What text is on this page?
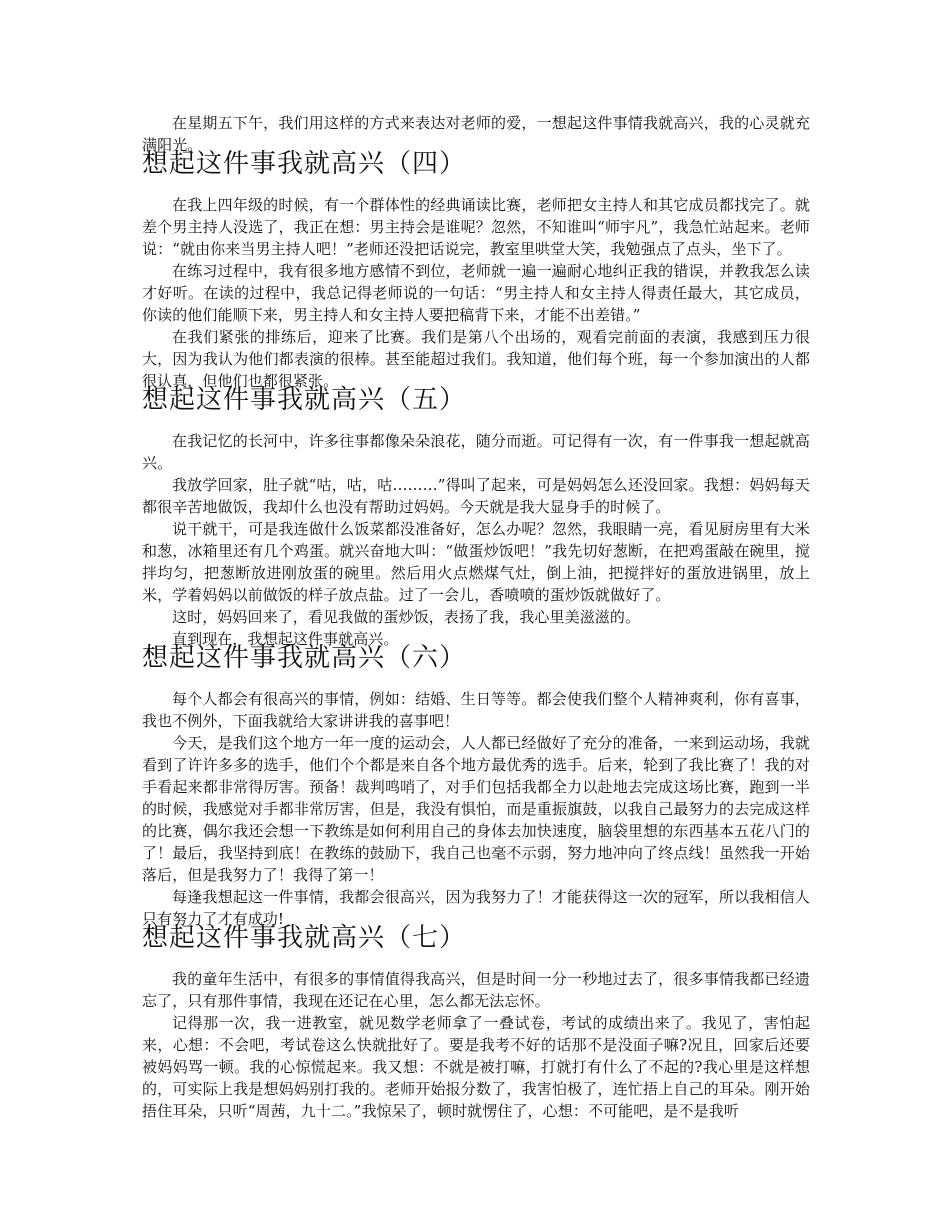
在星期五下午，我们用这样的方式来表达对老师的爱，一想起这件事情我就高兴，我的心灵就充满阳光。

想起这件事我就高兴（四）

在我上四年级的时候，有一个群体性的经典诵读比赛，老师把女主持人和其它成员都找完了。就差个男主持人没选了，我正在想：男主持会是谁呢？忽然，不知谁叫“师宇凡”，我急忙站起来。老师说：“就由你来当男主持人吧！”老师还没把话说完，教室里哄堂大笑，我勉强点了点头，坐下了。

在练习过程中，我有很多地方感情不到位，老师就一遍一遍耐心地纠正我的错误，并教我怎么读才好听。在读的过程中，我总记得老师说的一句话：“男主持人和女主持人得责任最大，其它成员，你读的他们能顺下来，男主持人和女主持人要把稿背下来，才能不出差错。”

在我们紧张的排练后，迎来了比赛。我们是第八个出场的，观看完前面的表演，我感到压力很大，因为我认为他们都表演的很棒。甚至能超过我们。我知道，他们每个班，每一个参加演出的人都很认真，但他们也都很紧张。

想起这件事我就高兴（五）

在我记忆的长河中，许多往事都像朵朵浪花，随分而逝。可记得有一次，有一件事我一想起就高兴。

我放学回家，肚子就“咕，咕，咕………”得叫了起来，可是妈妈怎么还没回家。我想：妈妈每天都很辛苦地做饭，我却什么也没有帮助过妈妈。今天就是我大显身手的时候了。

说干就干，可是我连做什么饭菜都没准备好，怎么办呢？忽然，我眼睛一亮，看见厨房里有大米和葱，冰箱里还有几个鸡蛋。就兴奋地大叫：“做蛋炒饭吧！”我先切好葱断，在把鸡蛋敲在碗里，搅拌均匀，把葱断放进刚放蛋的碗里。然后用火点燃煤气灶，倒上油，把搅拌好的蛋放进锅里，放上米，学着妈妈以前做饭的样子放点盐。过了一会儿，香喷喷的蛋炒饭就做好了。

这时，妈妈回来了，看见我做的蛋炒饭，表扬了我，我心里美滋滋的。

直到现在，我想起这件事就高兴。

想起这件事我就高兴（六）

每个人都会有很高兴的事情，例如：结婚、生日等等。都会使我们整个人精神爽利，你有喜事，我也不例外，下面我就给大家讲讲我的喜事吧！

今天，是我们这个地方一年一度的运动会，人人都已经做好了充分的准备，一来到运动场，我就看到了许许多多的选手，他们个个都是来自各个地方最优秀的选手。后来，轮到了我比赛了！我的对手看起来都非常得厉害。预备！裁判鸣哨了，对手们包括我都全力以赴地去完成这场比赛，跑到一半的时候，我感觉对手都非常厉害，但是，我没有惧怕，而是重振旗鼓，以我自己最努力的去完成这样的比赛，偶尔我还会想一下教练是如何利用自己的身体去加快速度，脑袋里想的东西基本五花八门的了！最后，我坚持到底！在教练的鼓励下，我自己也毫不示弱，努力地冲向了终点线！虽然我一开始落后，但是我努力了！我得了第一！

每逢我想起这一件事情，我都会很高兴，因为我努力了！才能获得这一次的冠军，所以我相信人只有努力了才有成功!

想起这件事我就高兴（七）

我的童年生活中，有很多的事情值得我高兴，但是时间一分一秒地过去了，很多事情我都已经遗忘了，只有那件事情，我现在还记在心里，怎么都无法忘怀。

记得那一次，我一进教室，就见数学老师拿了一叠试卷，考试的成绩出来了。我见了，害怕起来，心想：不会吧，考试卷这么快就批好了。要是我考不好的话那不是没面子嘛?况且，回家后还要被妈妈骂一顿。我的心惊慌起来。我又想：不就是被打嘛，打就打有什么了不起的?我心里是这样想的，可实际上我是想妈妈别打我的。老师开始报分数了，我害怕极了，连忙捂上自己的耳朵。刚开始捂住耳朵，只听“周茜，九十二。”我惊呆了，顿时就愣住了，心想：不可能吧，是不是我听
